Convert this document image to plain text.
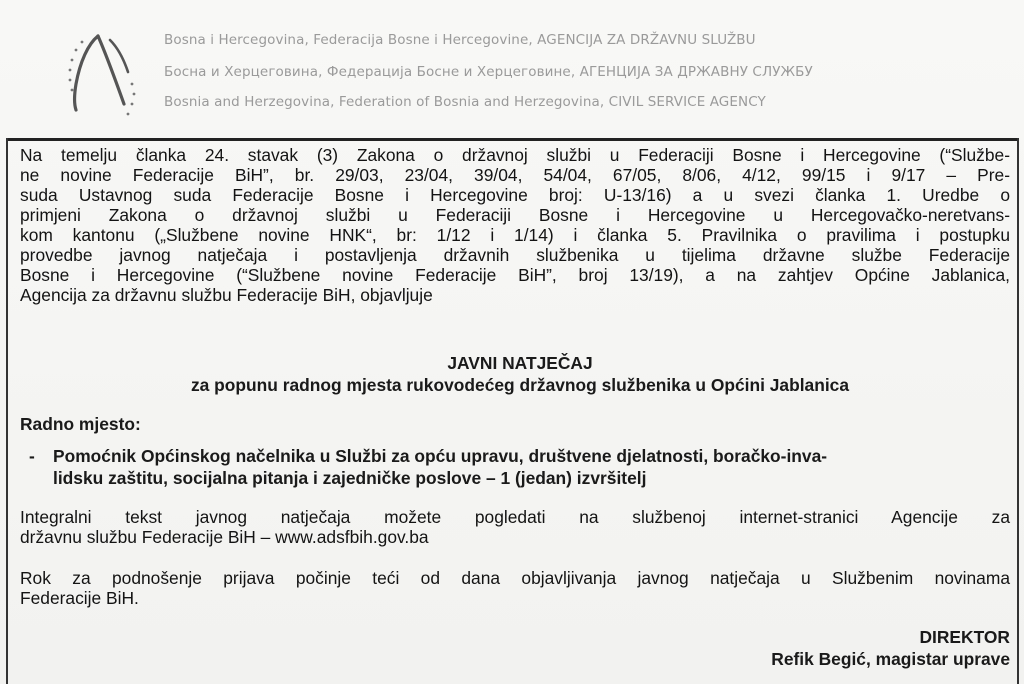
Bosna i Hercegovina, Federacija Bosne i Hercegovine, AGENCIJA ZA DRŽAVNU SLUŽBU
Босна и Херцеговина, Федерација Босне и Херцеговине, АГЕНЦИЈА ЗА ДРЖАВНУ СЛУЖБУ
Bosnia and Herzegovina, Federation of Bosnia and Herzegovina, CIVIL SERVICE AGENCY
Na temelju članka 24. stavak (3) Zakona o državnoj službi u Federaciji Bosne i Hercegovine (“Službe-
ne novine Federacije BiH”, br. 29/03, 23/04, 39/04, 54/04, 67/05, 8/06, 4/12, 99/15 i 9/17 – Pre-
suda Ustavnog suda Federacije Bosne i Hercegovine broj: U-13/16) a u svezi članka 1. Uredbe o
primjeni Zakona o državnoj službi u Federaciji Bosne i Hercegovine u Hercegovačko-neretvans-
kom kantonu („Službene novine HNK“, br: 1/12 i 1/14) i članka 5. Pravilnika o pravilima i postupku
provedbe javnog natječaja i postavljenja državnih službenika u tijelima državne službe Federacije
Bosne i Hercegovine (“Službene novine Federacije BiH”, broj 13/19), a na zahtjev Općine Jablanica,
Agencija za državnu službu Federacije BiH, objavljuje
JAVNI NATJEČAJ
za popunu radnog mjesta rukovodećeg državnog službenika u Općini Jablanica
Radno mjesto:
- Pomoćnik Općinskog načelnika u Službi za opću upravu, društvene djelatnosti, boračko-inva-
lidsku zaštitu, socijalna pitanja i zajedničke poslove – 1 (jedan) izvršitelj
Integralni tekst javnog natječaja možete pogledati na službenoj internet-stranici Agencije za
državnu službu Federacije BiH – www.adsfbih.gov.ba
Rok za podnošenje prijava počinje teći od dana objavljivanja javnog natječaja u Službenim novinama
Federacije BiH.
DIREKTOR
Refik Begić, magistar uprave
